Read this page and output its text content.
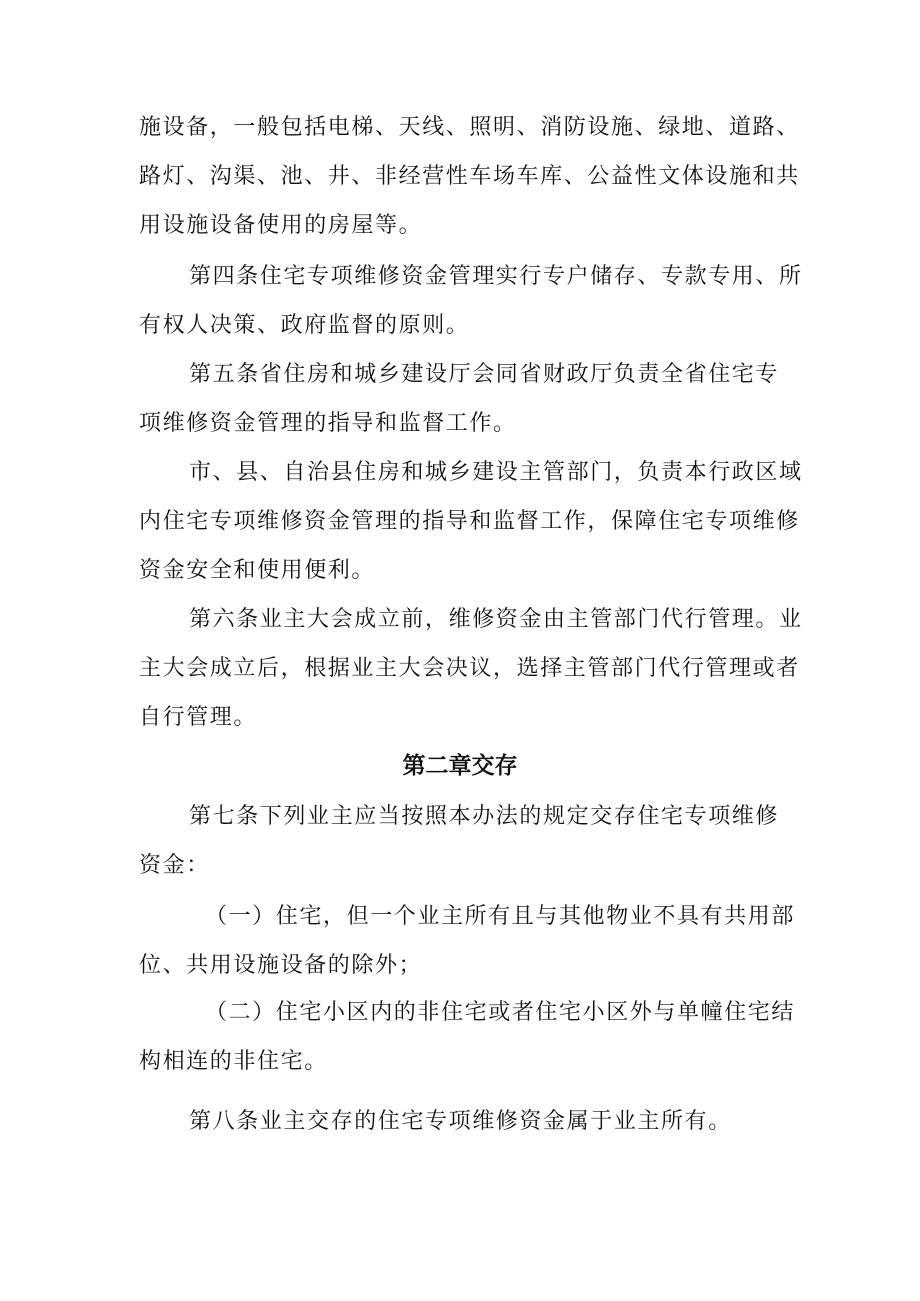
施设备，一般包括电梯、天线、照明、消防设施、绿地、道路、
路灯、沟渠、池、井、非经营性车场车库、公益性文体设施和共
用设施设备使用的房屋等。
第四条住宅专项维修资金管理实行专户储存、专款专用、所
有权人决策、政府监督的原则。
第五条省住房和城乡建设厅会同省财政厅负责全省住宅专
项维修资金管理的指导和监督工作。
市、县、自治县住房和城乡建设主管部门，负责本行政区域
内住宅专项维修资金管理的指导和监督工作，保障住宅专项维修
资金安全和使用便利。
第六条业主大会成立前，维修资金由主管部门代行管理。业
主大会成立后，根据业主大会决议，选择主管部门代行管理或者
自行管理。
第二章交存
第七条下列业主应当按照本办法的规定交存住宅专项维修
资金：
（一）住宅，但一个业主所有且与其他物业不具有共用部
位、共用设施设备的除外；
（二）住宅小区内的非住宅或者住宅小区外与单幢住宅结
构相连的非住宅。
第八条业主交存的住宅专项维修资金属于业主所有。
